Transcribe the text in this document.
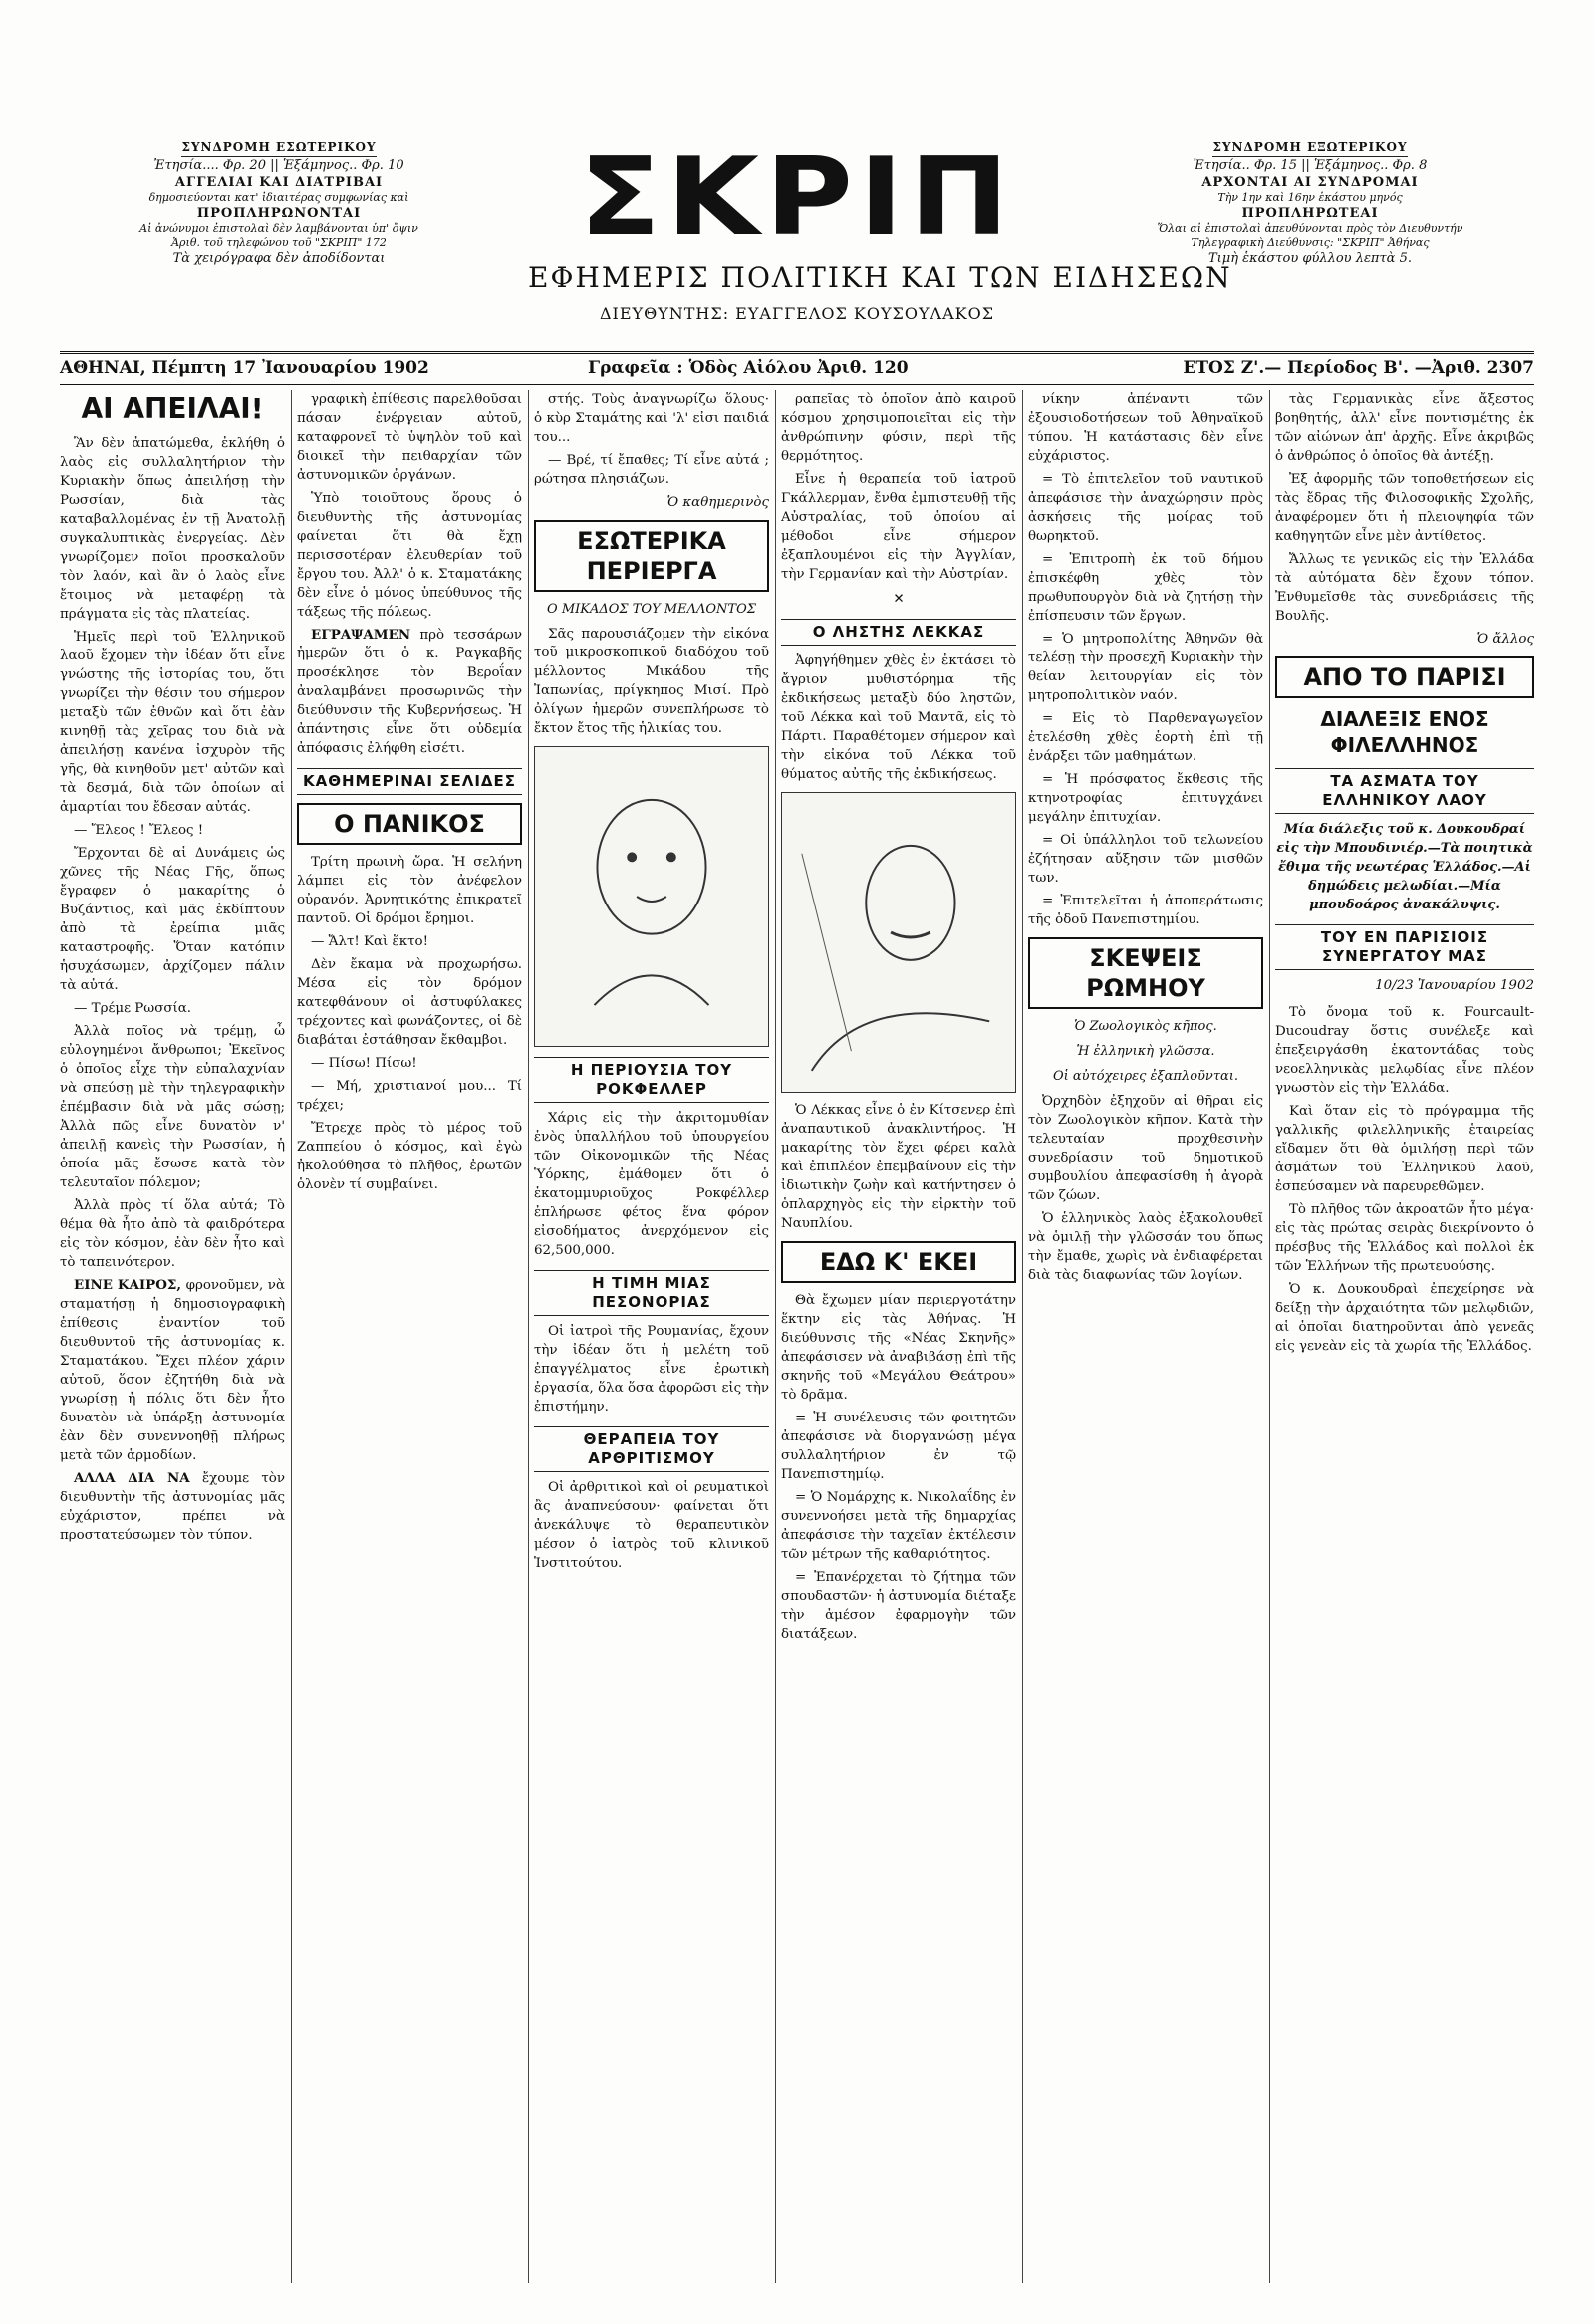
ΣΥΝΔΡΟΜΗ ΕΣΩΤΕΡΙΚΟΥ
Ἐτησία.... Φρ. 20 || Ἑξάμηνος.. Φρ. 10
ΑΓΓΕΛΙΑΙ ΚΑΙ ΔΙΑΤΡΙΒΑΙ
δημοσιεύονται κατ' ἰδιαιτέρας συμφωνίας καὶ
ΠΡΟΠΛΗΡΩΝΟΝΤΑΙ
Αἱ ἀνώνυμοι ἐπιστολαὶ δὲν λαμβάνονται ὑπ' ὄψιν
Ἀριθ. τοῦ τηλεφώνου τοῦ "ΣΚΡΙΠ" 172
Τὰ χειρόγραφα δὲν ἀποδίδονται	ΣΚΡΙΠ
ΕΦΗΜΕΡΙΣ ΠΟΛΙΤΙΚΗ ΚΑΙ ΤΩΝ ΕΙΔΗΣΕΩΝ
ΔΙΕΥΘΥΝΤΗΣ: ΕΥΑΓΓΕΛΟΣ ΚΟΥΣΟΥΛΑΚΟΣ
ΣΥΝΔΡΟΜΗ ΕΞΩΤΕΡΙΚΟΥ
Ἐτησία.. Φρ. 15 || Ἑξάμηνος.. Φρ. 8
ΑΡΧΟΝΤΑΙ ΑΙ ΣΥΝΔΡΟΜΑΙ
Τὴν 1ην καὶ 16ην ἑκάστου μηνός
ΠΡΟΠΛΗΡΩΤΕΑΙ
Ὅλαι αἱ ἐπιστολαὶ ἀπευθύνονται πρὸς τὸν Διευθυντήν
Τηλεγραφικὴ Διεύθυνσις: "ΣΚΡΙΠ" Ἀθήνας
Τιμὴ ἑκάστου φύλλου λεπτὰ 5.
ΑΘΗΝΑΙ, Πέμπτη 17 Ἰανουαρίου 1902	Γραφεῖα : Ὁδὸς Αἰόλου Ἀριθ. 120	ΕΤΟΣ Ζ'.— Περίοδος Β'. —Ἀριθ. 2307
ΑΙ ΑΠΕΙΛΑΙ!

Ἂν δὲν ἀπατώμεθα, ἐκλήθη ὁ λαὸς εἰς συλλαλητήριον τὴν Κυριακὴν ὅπως ἀπειλήσῃ τὴν Ρωσσίαν, διὰ τὰς καταβαλλομένας ἐν τῇ Ἀνατολῇ συγκαλυπτικὰς ἐνεργείας. Δὲν γνωρίζομεν ποῖοι προσκαλοῦν τὸν λαόν, καὶ ἂν ὁ λαὸς εἶνε ἔτοιμος νὰ μεταφέρῃ τὰ πράγματα εἰς τὰς πλατείας.

Ἡμεῖς περὶ τοῦ Ἑλληνικοῦ λαοῦ ἔχομεν τὴν ἰδέαν ὅτι εἶνε γνώστης τῆς ἱστορίας του, ὅτι γνωρίζει τὴν θέσιν του σήμερον μεταξὺ τῶν ἐθνῶν καὶ ὅτι ἐὰν κινηθῇ τὰς χεῖρας του διὰ νὰ ἀπειλήσῃ κανένα ἰσχυρὸν τῆς γῆς, θὰ κινηθοῦν μετ' αὐτῶν καὶ τὰ δεσμά, διὰ τῶν ὁποίων αἱ ἁμαρτίαι του ἔδεσαν αὐτάς.

— Ἔλεος ! Ἔλεος !

Ἔρχονται δὲ αἱ Δυνάμεις ὡς χῶνες τῆς Νέας Γῆς, ὅπως ἔγραφεν ὁ μακαρίτης ὁ Βυζάντιος, καὶ μᾶς ἐκδίπτουν ἀπὸ τὰ ἐρείπια μιᾶς καταστροφῆς. Ὅταν κατόπιν ἡσυχάσωμεν, ἀρχίζομεν πάλιν τὰ αὐτά.

— Τρέμε Ρωσσία.

Ἀλλὰ ποῖος νὰ τρέμῃ, ὦ εὐλογημένοι ἄνθρωποι; Ἐκεῖνος ὁ ὁποῖος εἶχε τὴν εὐπαλαχνίαν νὰ σπεύσῃ μὲ τὴν τηλεγραφικὴν ἐπέμβασιν διὰ νὰ μᾶς σώσῃ; Ἀλλὰ πῶς εἶνε δυνατὸν ν' ἀπειλῇ κανεὶς τὴν Ρωσσίαν, ἡ ὁποία μᾶς ἔσωσε κατὰ τὸν τελευταῖον πόλεμον;

Ἀλλὰ πρὸς τί ὅλα αὐτά; Τὸ θέμα θὰ ἦτο ἀπὸ τὰ φαιδρότερα εἰς τὸν κόσμον, ἐὰν δὲν ἦτο καὶ τὸ ταπεινότερον.

ΕΙΝΕ ΚΑΙΡΟΣ, φρονοῦμεν, νὰ σταματήσῃ ἡ δημοσιογραφικὴ ἐπίθεσις ἐναντίον τοῦ διευθυντοῦ τῆς ἀστυνομίας κ. Σταματάκου. Ἔχει πλέον χάριν αὐτοῦ, ὅσον ἐζητήθη διὰ νὰ γνωρίσῃ ἡ πόλις ὅτι δὲν ἦτο δυνατὸν νὰ ὑπάρξῃ ἀστυνομία ἐὰν δὲν συνεννοηθῇ πλήρως μετὰ τῶν ἁρμοδίων.

ΑΛΛΑ ΔΙΑ ΝΑ ἔχουμε τὸν διευθυντὴν τῆς ἀστυνομίας μᾶς εὐχάριστον, πρέπει νὰ προστατεύσωμεν τὸν τύπον.

γραφικὴ ἐπίθεσις παρελθοῦσαι πάσαν ἐνέργειαν αὐτοῦ, καταφρονεῖ τὸ ὑψηλὸν τοῦ καὶ διοικεῖ τὴν πειθαρχίαν τῶν ἀστυνομικῶν ὀργάνων.

Ὑπὸ τοιοῦτους ὅρους ὁ διευθυντὴς τῆς ἀστυνομίας φαίνεται ὅτι θὰ ἔχῃ περισσοτέραν ἐλευθερίαν τοῦ ἔργου του. Ἀλλ' ὁ κ. Σταματάκης δὲν εἶνε ὁ μόνος ὑπεύθυνος τῆς τάξεως τῆς πόλεως.

ΕΓΡΑΨΑΜΕΝ πρὸ τεσσάρων ἡμερῶν ὅτι ὁ κ. Ραγκαβῆς προσέκλησε τὸν Βεροΐαν ἀναλαμβάνει προσωρινῶς τὴν διεύθυνσιν τῆς Κυβερνήσεως. Ἡ ἀπάντησις εἶνε ὅτι οὐδεμία ἀπόφασις ἐλήφθη εἰσέτι.

ΚΑΘΗΜΕΡΙΝΑΙ ΣΕΛΙΔΕΣ
Ο ΠΑΝΙΚΟΣ

Τρίτη πρωινὴ ὥρα. Ἡ σελήνη λάμπει εἰς τὸν ἀνέφελον οὐρανόν. Ἀρνητικότης ἐπικρατεῖ παντοῦ. Οἱ δρόμοι ἔρημοι.

— Ἄλτ! Καὶ ἕκτο!

Δὲν ἔκαμα νὰ προχωρήσω. Μέσα εἰς τὸν δρόμον κατεφθάνουν οἱ ἀστυφύλακες τρέχοντες καὶ φωνάζοντες, οἱ δὲ διαβάται ἐστάθησαν ἔκθαμβοι.

— Πίσω! Πίσω!

— Μή, χριστιανοί μου... Τί τρέχει;

Ἔτρεχε πρὸς τὸ μέρος τοῦ Ζαππείου ὁ κόσμος, καὶ ἐγὼ ἠκολούθησα τὸ πλῆθος, ἐρωτῶν ὁλονὲν τί συμβαίνει.

στής. Τοὺς ἀναγνωρίζω ὅλους· ὁ κὺρ Σταμάτης καὶ 'λ' εἰσι παιδιά του...

— Βρέ, τί ἔπαθες; Τί εἶνε αὐτά ; ρώτησα πλησιάζων.

Ὁ καθημερινὸς
ΕΣΩΤΕΡΙΚΑ ΠΕΡΙΕΡΓΑ
Ο ΜΙΚΑΔΟΣ ΤΟΥ ΜΕΛΛΟΝΤΟΣ

Σᾶς παρουσιάζομεν τὴν εἰκόνα τοῦ μικροσκοπικοῦ διαδόχου τοῦ μέλλοντος Μικάδου τῆς Ἰαπωνίας, πρίγκηπος Μισί. Πρὸ ὀλίγων ἡμερῶν συνεπλήρωσε τὸ ἔκτον ἔτος τῆς ἡλικίας του.

Η ΠΕΡΙΟΥΣΙΑ ΤΟΥ ΡΟΚΦΕΛΛΕΡ

Χάρις εἰς τὴν ἀκριτομυθίαν ἑνὸς ὑπαλλήλου τοῦ ὑπουργείου τῶν Οἰκονομικῶν τῆς Νέας Ὑόρκης, ἐμάθομεν ὅτι ὁ ἑκατομμυριοῦχος Ροκφέλλερ ἐπλήρωσε φέτος ἕνα φόρον εἰσοδήματος ἀνερχόμενον εἰς 62,500,000.

Η ΤΙΜΗ ΜΙΑΣ ΠΕΣΟΝΟΡΙΑΣ

Οἱ ἰατροὶ τῆς Ρουμανίας, ἔχουν τὴν ἰδέαν ὅτι ἡ μελέτη τοῦ ἐπαγγέλματος εἶνε ἐρωτικὴ ἐργασία, ὅλα ὅσα ἀφορῶσι εἰς τὴν ἐπιστήμην.

ΘΕΡΑΠΕΙΑ ΤΟΥ ΑΡΘΡΙΤΙΣΜΟΥ

Οἱ ἀρθριτικοὶ καὶ οἱ ρευματικοὶ ἂς ἀναπνεύσουν· φαίνεται ὅτι ἀνεκάλυψε τὸ θεραπευτικὸν μέσον ὁ ἰατρὸς τοῦ κλινικοῦ Ἱνστιτούτου.

ραπεῖας τὸ ὁποῖον ἀπὸ καιροῦ κόσμου χρησιμοποιεῖται εἰς τὴν ἀνθρώπινην φύσιν, περὶ τῆς θερμότητος.

Εἶνε ἡ θεραπεία τοῦ ἰατροῦ Γκάλλερμαν, ἔνθα ἐμπιστευθῇ τῆς Αὐστραλίας, τοῦ ὁποίου αἱ μέθοδοι εἶνε σήμερον ἐξαπλουμένοι εἰς τὴν Ἀγγλίαν, τὴν Γερμανίαν καὶ τὴν Αὐστρίαν.

✕
Ο ΛΗΣΤΗΣ ΛΕΚΚΑΣ

Ἀφηγήθημεν χθὲς ἐν ἐκτάσει τὸ ἄγριον μυθιστόρημα τῆς ἐκδικήσεως μεταξὺ δύο ληστῶν, τοῦ Λέκκα καὶ τοῦ Μαντᾶ, εἰς τὸ Πάρτι. Παραθέτομεν σήμερον καὶ τὴν εἰκόνα τοῦ Λέκκα τοῦ θύματος αὐτῆς τῆς ἐκδικήσεως.

Ὁ Λέκκας εἶνε ὁ ἐν Κίτσενερ ἐπὶ ἀναπαυτικοῦ ἀνακλιντήρος. Ἡ μακαρίτης τὸν ἔχει φέρει καλὰ καὶ ἐπιπλέον ἐπεμβαίνουν εἰς τὴν ἰδιωτικὴν ζωὴν καὶ κατήντησεν ὁ ὁπλαρχηγὸς εἰς τὴν εἰρκτὴν τοῦ Ναυπλίου.

ΕΔΩ Κ' ΕΚΕΙ

Θὰ ἔχωμεν μίαν περιεργοτάτην ἕκτην εἰς τὰς Ἀθήνας. Ἡ διεύθυνσις τῆς «Νέας Σκηνῆς» ἀπεφάσισεν νὰ ἀναβιβάσῃ ἐπὶ τῆς σκηνῆς τοῦ «Μεγάλου Θεάτρου» τὸ δρᾶμα.

= Ἡ συνέλευσις τῶν φοιτητῶν ἀπεφάσισε νὰ διοργανώσῃ μέγα συλλαλητήριον ἐν τῷ Πανεπιστημίῳ.

= Ὁ Νομάρχης κ. Νικολαΐδης ἐν συνεννοήσει μετὰ τῆς δημαρχίας ἀπεφάσισε τὴν ταχεῖαν ἐκτέλεσιν τῶν μέτρων τῆς καθαριότητος.

= Ἐπανέρχεται τὸ ζήτημα τῶν σπουδαστῶν· ἡ ἀστυνομία διέταξε τὴν ἀμέσον ἐφαρμογὴν τῶν διατάξεων.

νίκην ἀπέναντι τῶν ἐξουσιοδοτήσεων τοῦ Ἀθηναϊκοῦ τύπου. Ἡ κατάστασις δὲν εἶνε εὐχάριστος.

= Τὸ ἐπιτελεῖον τοῦ ναυτικοῦ ἀπεφάσισε τὴν ἀναχώρησιν πρὸς ἀσκήσεις τῆς μοίρας τοῦ θωρηκτοῦ.

= Ἐπιτροπὴ ἐκ τοῦ δήμου ἐπισκέφθη χθὲς τὸν πρωθυπουργὸν διὰ νὰ ζητήσῃ τὴν ἐπίσπευσιν τῶν ἔργων.

= Ὁ μητροπολίτης Ἀθηνῶν θὰ τελέσῃ τὴν προσεχῆ Κυριακὴν τὴν θείαν λειτουργίαν εἰς τὸν μητροπολιτικὸν ναόν.

= Εἰς τὸ Παρθεναγωγεῖον ἐτελέσθη χθὲς ἑορτὴ ἐπὶ τῇ ἐνάρξει τῶν μαθημάτων.

= Ἡ πρόσφατος ἔκθεσις τῆς κτηνοτροφίας ἐπιτυγχάνει μεγάλην ἐπιτυχίαν.

= Οἱ ὑπάλληλοι τοῦ τελωνείου ἐζήτησαν αὔξησιν τῶν μισθῶν των.

= Ἐπιτελεῖται ἡ ἀποπεράτωσις τῆς ὁδοῦ Πανεπιστημίου.

ΣΚΕΨΕΙΣ ΡΩΜΗΟΥ
Ὁ Ζωολογικὸς κῆπος.
Ἡ ἐλληνικὴ γλῶσσα.
Οἱ αὐτόχειρες ἐξαπλοῦνται.

Ὀρχηδὸν ἐξηχοῦν αἱ θῆραι εἰς τὸν Ζωολογικὸν κῆπον. Κατὰ τὴν τελευταίαν προχθεσινὴν συνεδρίασιν τοῦ δημοτικοῦ συμβουλίου ἀπεφασίσθη ἡ ἀγορὰ τῶν ζώων.

Ὁ ἑλληνικὸς λαὸς ἐξακολουθεῖ νὰ ὁμιλῇ τὴν γλῶσσάν του ὅπως τὴν ἔμαθε, χωρὶς νὰ ἐνδιαφέρεται διὰ τὰς διαφωνίας τῶν λογίων.

τὰς Γερμανικὰς εἶνε ἄξεστος βοηθητής, ἀλλ' εἶνε ποντισμέτης ἐκ τῶν αἰώνων ἀπ' ἀρχῆς. Εἶνε ἀκριβῶς ὁ ἀνθρώπος ὁ ὁποῖος θὰ ἀντέξῃ.

Ἐξ ἀφορμῆς τῶν τοποθετήσεων εἰς τὰς ἔδρας τῆς Φιλοσοφικῆς Σχολῆς, ἀναφέρομεν ὅτι ἡ πλειοψηφία τῶν καθηγητῶν εἶνε μὲν ἀντίθετος.

Ἄλλως τε γενικῶς εἰς τὴν Ἑλλάδα τὰ αὐτόματα δὲν ἔχουν τόπον. Ἐνθυμεῖσθε τὰς συνεδριάσεις τῆς Βουλῆς.

Ὁ ἄλλος
ΑΠΟ ΤΟ ΠΑΡΙΣΙ
ΔΙΑΛΕΞΙΣ ΕΝΟΣ ΦΙΛΕΛΛΗΝΟΣ
ΤΑ ΑΣΜΑΤΑ ΤΟΥ ΕΛΛΗΝΙΚΟΥ ΛΑΟΥ
Μία διάλεξις τοῦ κ. Δουκουδραί εἰς τὴν Μπουδινιέρ.—Τὰ ποιητικὰ ἔθιμα τῆς νεωτέρας Ἑλλάδος.—Αἱ δημώδεις μελωδίαι.—Μία μπουδοάρος ἀνακάλυψις.
ΤΟΥ ΕΝ ΠΑΡΙΣΙΟΙΣ ΣΥΝΕΡΓΑΤΟΥ ΜΑΣ
10/23 Ἰανουαρίου 1902

Τὸ ὄνομα τοῦ κ. Fourcault-Ducoudray ὅστις συνέλεξε καὶ ἐπεξειργάσθη ἑκατοντάδας τοὺς νεοελληνικὰς μελῳδίας εἶνε πλέον γνωστὸν εἰς τὴν Ἑλλάδα.

Καὶ ὅταν εἰς τὸ πρόγραμμα τῆς γαλλικῆς φιλελληνικῆς ἑταιρείας εἴδαμεν ὅτι θὰ ὁμιλήσῃ περὶ τῶν ἀσμάτων τοῦ Ἑλληνικοῦ λαοῦ, ἐσπεύσαμεν νὰ παρευρεθῶμεν.

Τὸ πλῆθος τῶν ἀκροατῶν ἦτο μέγα· εἰς τὰς πρώτας σειρὰς διεκρίνοντο ὁ πρέσβυς τῆς Ἑλλάδος καὶ πολλοὶ ἐκ τῶν Ἑλλήνων τῆς πρωτευούσης.

Ὁ κ. Δουκουδραὶ ἐπεχείρησε νὰ δείξῃ τὴν ἀρχαιότητα τῶν μελῳδιῶν, αἱ ὁποῖαι διατηροῦνται ἀπὸ γενεᾶς εἰς γενεὰν εἰς τὰ χωρία τῆς Ἑλλάδος.
